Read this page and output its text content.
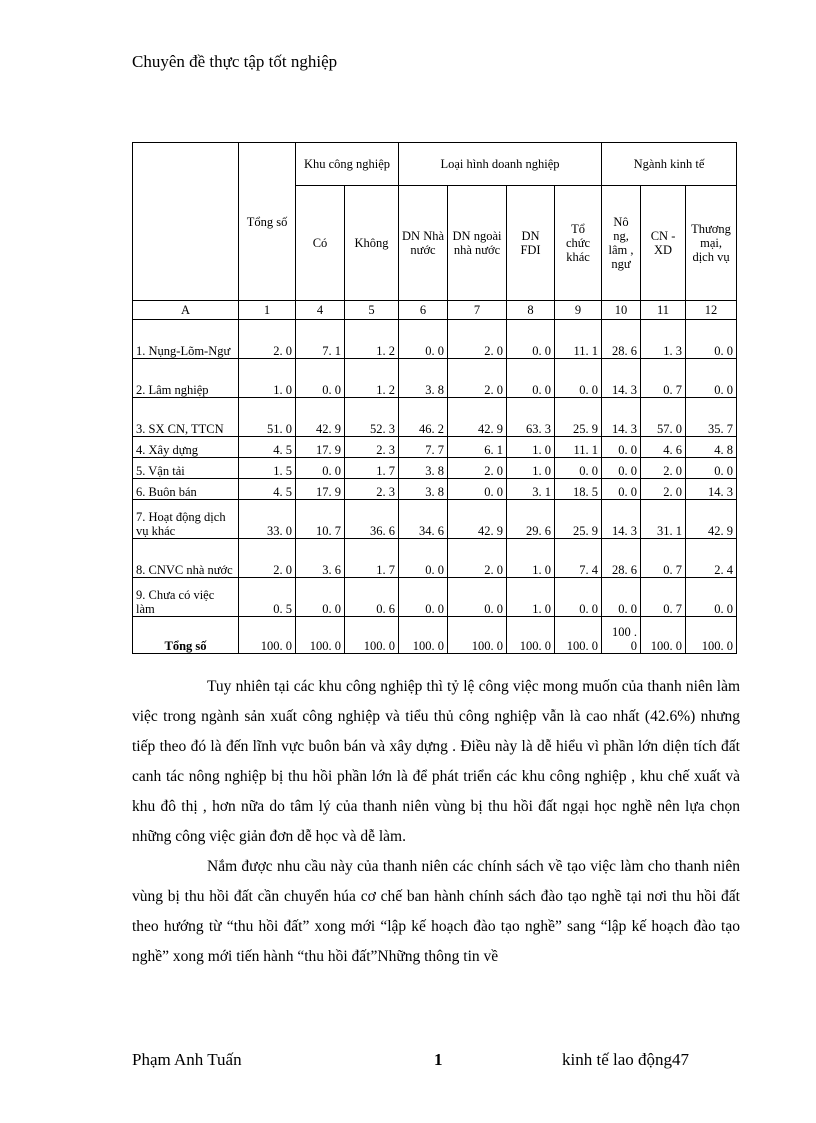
Chuyên đề thực tập tốt nghiệp
	Tổng số	Khu công nghiệp		Loại hình doanh nghiệp				Ngành kinh tế		
		Có	Không	DN Nhà nước	DN ngoài nhà nước	DN FDI	Tổ chức khác	Nô ng, lâm , ngư	CN - XD	Thương mại, dịch vụ
A	1	4	5	6	7	8	9	10	11	12
1. Nụng-Lõm-Ngư	2. 0	7. 1	1. 2	0. 0	2. 0	0. 0	11. 1	28. 6	1. 3	0. 0
2. Lâm nghiệp	1. 0	0. 0	1. 2	3. 8	2. 0	0. 0	0. 0	14. 3	0. 7	0. 0
3. SX CN, TTCN	51. 0	42. 9	52. 3	46. 2	42. 9	63. 3	25. 9	14. 3	57. 0	35. 7
4. Xây dựng	4. 5	17. 9	2. 3	7. 7	6. 1	1. 0	11. 1	0. 0	4. 6	4. 8
5. Vận tải	1. 5	0. 0	1. 7	3. 8	2. 0	1. 0	0. 0	0. 0	2. 0	0. 0
6. Buôn bán	4. 5	17. 9	2. 3	3. 8	0. 0	3. 1	18. 5	0. 0	2. 0	14. 3
7. Hoạt động dịch vụ khác	33. 0	10. 7	36. 6	34. 6	42. 9	29. 6	25. 9	14. 3	31. 1	42. 9
8. CNVC nhà nước	2. 0	3. 6	1. 7	0. 0	2. 0	1. 0	7. 4	28. 6	0. 7	2. 4
9. Chưa có việc làm	0. 5	0. 0	0. 6	0. 0	0. 0	1. 0	0. 0	0. 0	0. 7	0. 0
Tổng số	100. 0	100. 0	100. 0	100. 0	100. 0	100. 0	100. 0	100 . 0	100. 0	100. 0

Tuy nhiên tại các khu công nghiệp thì tỷ lệ công việc mong muốn của thanh niên làm việc trong ngành sản xuất công nghiệp và tiểu thủ công nghiệp vẫn là cao nhất (42.6%) nhưng tiếp theo đó là đến lĩnh vực buôn bán và xây dựng . Điều này là dễ hiểu vì phần lớn diện tích đất canh tác nông nghiệp bị thu hồi phần lớn là để phát triển các khu công nghiệp , khu chế xuất và khu đô thị , hơn nữa do tâm lý của thanh niên vùng bị thu hồi đất ngại học nghề nên lựa chọn những công việc giản đơn dễ học và dễ làm.

Nắm được nhu cầu này của thanh niên các chính sách về tạo việc làm cho thanh niên vùng bị thu hồi đất cần chuyển húa cơ chế ban hành chính sách đào tạo nghề tại nơi thu hồi đất theo hướng từ “thu hồi đất” xong mới “lập kế hoạch đào tạo nghề” sang “lập kế hoạch đào tạo nghề” xong mới tiến hành “thu hồi đất”Những thông tin về

Phạm Anh Tuấn	1	kinh tế lao động47
